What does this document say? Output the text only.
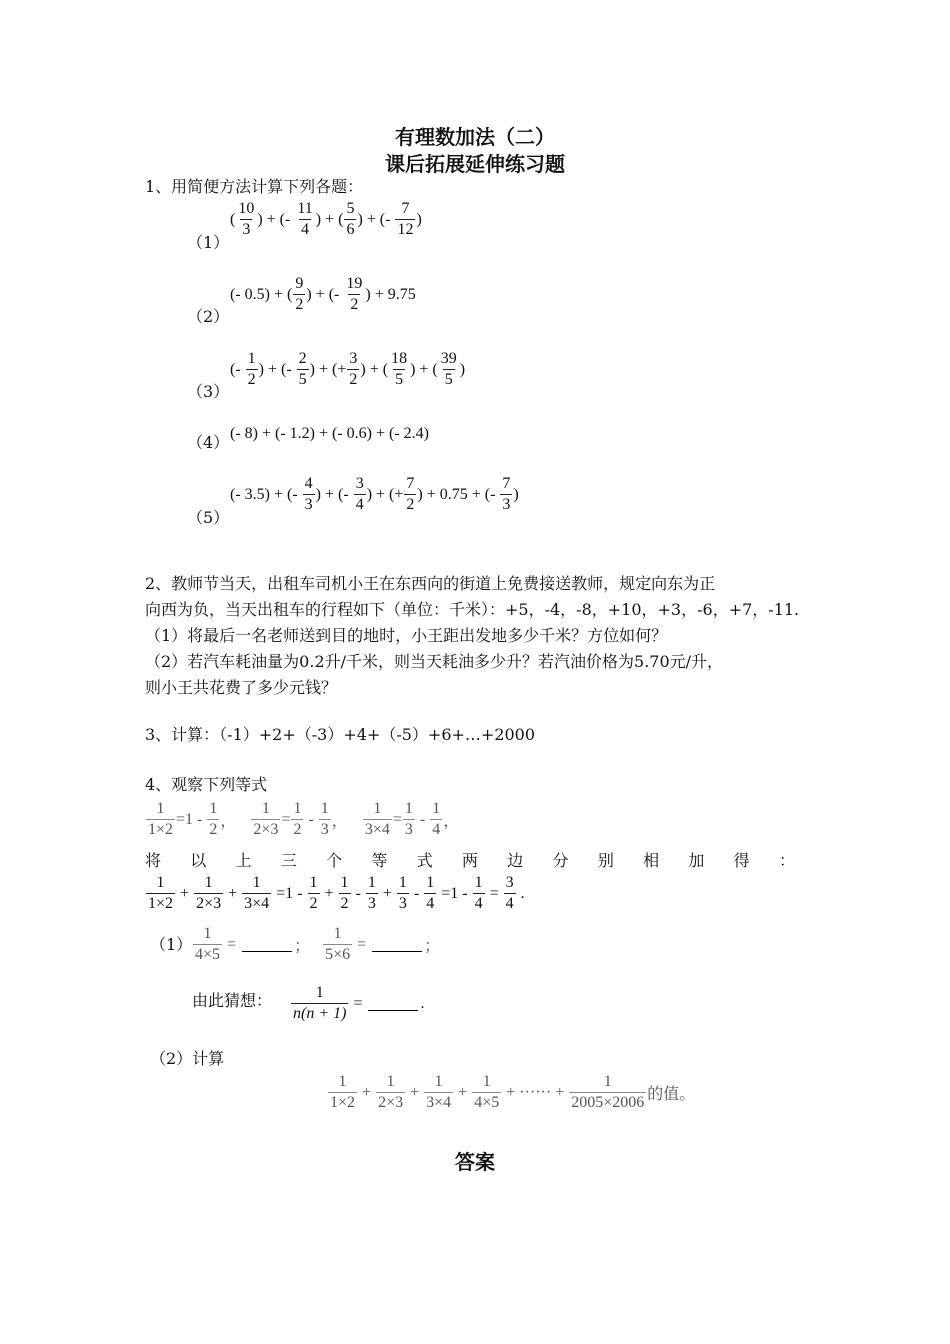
有理数加法（二）
课后拓展延伸练习题
1、用简便方法计算下列各题：
（1）
( $\frac{10}{3}$ ) + (- $\frac{11}{4}$ ) + ( $\frac{5}{6}$ ) + (- $\frac{7}{12}$ )
（2）
(- 0.5) + ( $\frac{9}{2}$ ) + (- $\frac{19}{2}$ ) + 9.75
（3）
(- $\frac{1}{2}$ ) + (- $\frac{2}{5}$ ) + (+ $\frac{3}{2}$ ) + ( $\frac{18}{5}$ ) + ( $\frac{39}{5}$ )
（4） (- 8) + (- 1.2) + (- 0.6) + (- 2.4)
（5）
(- 3.5) + (- $\frac{4}{3}$ ) + (- $\frac{3}{4}$ ) + (+ $\frac{7}{2}$ ) + 0.75 + (- $\frac{7}{3}$ )
2、教师节当天，出租车司机小王在东西向的街道上免费接送教师，规定向东为正
向西为负，当天出租车的行程如下（单位：千米）：+5，-4，-8，+10，+3，-6，+7，-11.
（1）将最后一名老师送到目的地时，小王距出发地多少千米？方位如何？
（2）若汽车耗油量为0.2升/千米，则当天耗油多少升？若汽油价格为5.70元/升，
则小王共花费了多少元钱？
3、计算：（-1）+2+（-3）+4+（-5）+6+…+2000
4、观察下列等式
$\frac{1}{1\times 2} =1 - \frac{1}{2}$ ， $\frac{1}{2\times 3} = \frac{1}{2} - \frac{1}{3}$ ， $\frac{1}{3\times 4} = \frac{1}{3} - \frac{1}{4}$ ，
将 以 上 三 个 等 式 两 边 分 别 相 加 得 ：
$\frac{1}{1\times 2} + \frac{1}{2\times 3} + \frac{1}{3\times 4} =1 - \frac{1}{2} + \frac{1}{2} - \frac{1}{3} + \frac{1}{3} - \frac{1}{4} =1 - \frac{1}{4} = \frac{3}{4}$ .
$(1) \frac{1}{4\times 5}$ =	； $\frac{1}{5\times 6}$ =	；
由此猜想： $\frac{1}{n(n + 1)}$ =	.
（2）计算
$\frac{1}{1\times 2} + \frac{1}{2\times 3} + \frac{1}{3\times 4} + \frac{1}{4\times 5}$ + ······ + $\frac{1}{2005\times 2006}$ 的值。
答案
